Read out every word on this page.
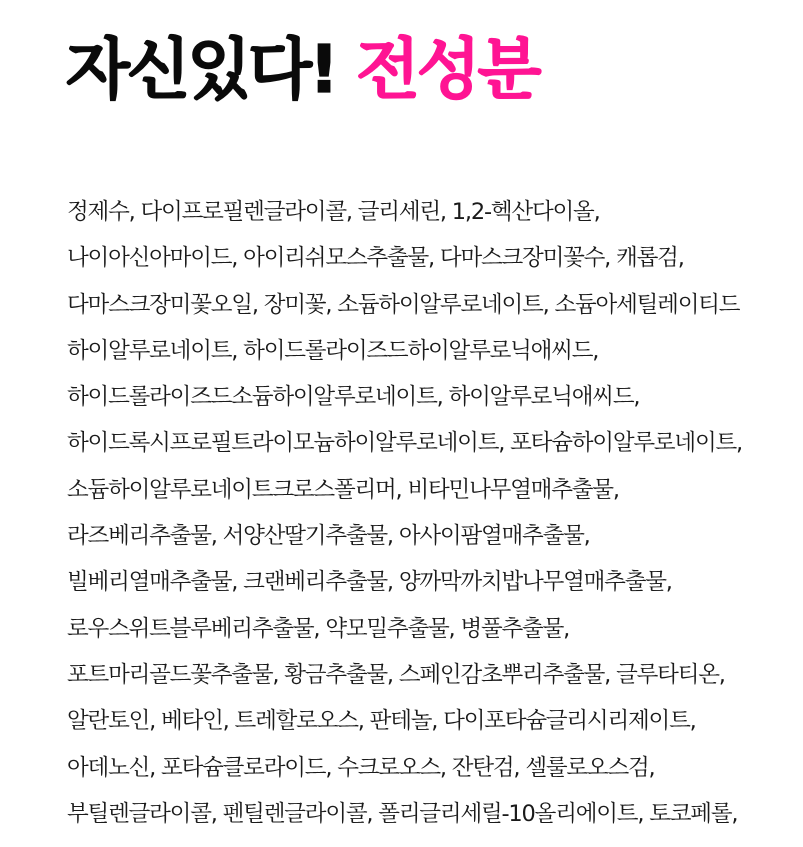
자신있다! 전성분
정제수, 다이프로필렌글라이콜, 글리세린, 1,2-헥산다이올,
나이아신아마이드, 아이리쉬모스추출물, 다마스크장미꽃수, 캐롭검,
다마스크장미꽃오일, 장미꽃, 소듐하이알루로네이트, 소듐아세틸레이티드
하이알루로네이트, 하이드롤라이즈드하이알루로닉애씨드,
하이드롤라이즈드소듐하이알루로네이트, 하이알루로닉애씨드,
하이드록시프로필트라이모늄하이알루로네이트, 포타슘하이알루로네이트,
소듐하이알루로네이트크로스폴리머, 비타민나무열매추출물,
라즈베리추출물, 서양산딸기추출물, 아사이팜열매추출물,
빌베리열매추출물, 크랜베리추출물, 양까막까치밥나무열매추출물,
로우스위트블루베리추출물, 약모밀추출물, 병풀추출물,
포트마리골드꽃추출물, 황금추출물, 스페인감초뿌리추출물, 글루타티온,
알란토인, 베타인, 트레할로오스, 판테놀, 다이포타슘글리시리제이트,
아데노신, 포타슘클로라이드, 수크로오스, 잔탄검, 셀룰로오스검,
부틸렌글라이콜, 펜틸렌글라이콜, 폴리글리세릴-10올리에이트, 토코페롤,
